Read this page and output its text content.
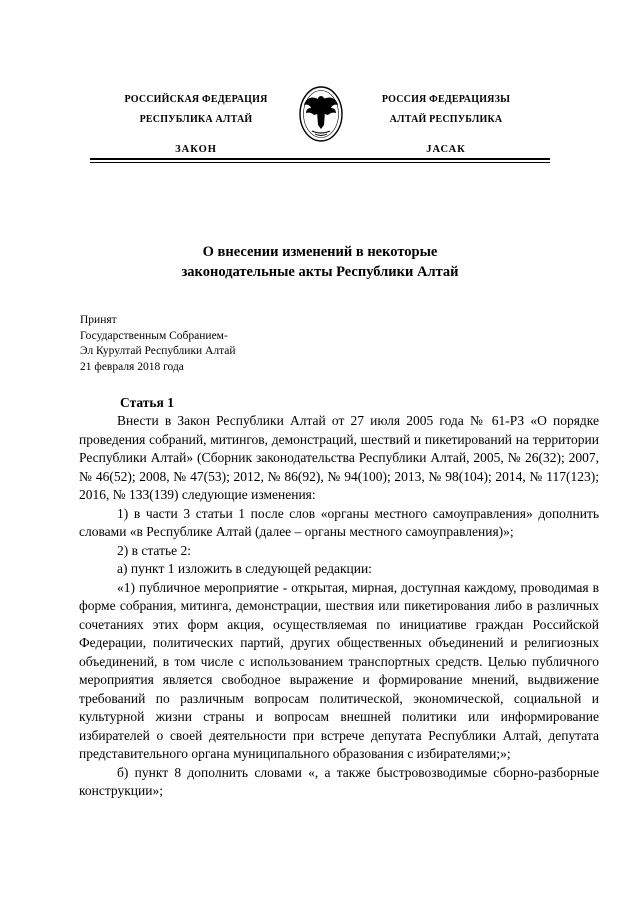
РОССИЙСКАЯ ФЕДЕРАЦИЯ
РЕСПУБЛИКА АЛТАЙ
ЗАКОН
РОССИЯ ФЕДЕРАЦИЯЗЫ
АЛТАЙ РЕСПУБЛИКА
JАСАК
О внесении изменений в некоторые
законодательные акты Республики Алтай
Принят
Государственным Собранием-
Эл Курултай Республики Алтай
21 февраля 2018 года
Статья 1

Внести в Закон Республики Алтай от 27 июля 2005 года № 61-РЗ «О порядке проведения собраний, митингов, демонстраций, шествий и пикетирований на территории Республики Алтай» (Сборник законодательства Республики Алтай, 2005, № 26(32); 2007, № 46(52); 2008, № 47(53); 2012, № 86(92), № 94(100); 2013, № 98(104); 2014, № 117(123); 2016, № 133(139) следующие изменения:

1) в части 3 статьи 1 после слов «органы местного самоуправления» дополнить словами «в Республике Алтай (далее – органы местного самоуправления)»;

2) в статье 2:

а) пункт 1 изложить в следующей редакции:

«1) публичное мероприятие - открытая, мирная, доступная каждому, проводимая в форме собрания, митинга, демонстрации, шествия или пикетирования либо в различных сочетаниях этих форм акция, осуществляемая по инициативе граждан Российской Федерации, политических партий, других общественных объединений и религиозных объединений, в том числе с использованием транспортных средств. Целью публичного мероприятия является свободное выражение и формирование мнений, выдвижение требований по различным вопросам политической, экономической, социальной и культурной жизни страны и вопросам внешней политики или информирование избирателей о своей деятельности при встрече депутата Республики Алтай, депутата представительного органа муниципального образования с избирателями;»;

б) пункт 8 дополнить словами «, а также быстровозводимые сборно-разборные конструкции»;
